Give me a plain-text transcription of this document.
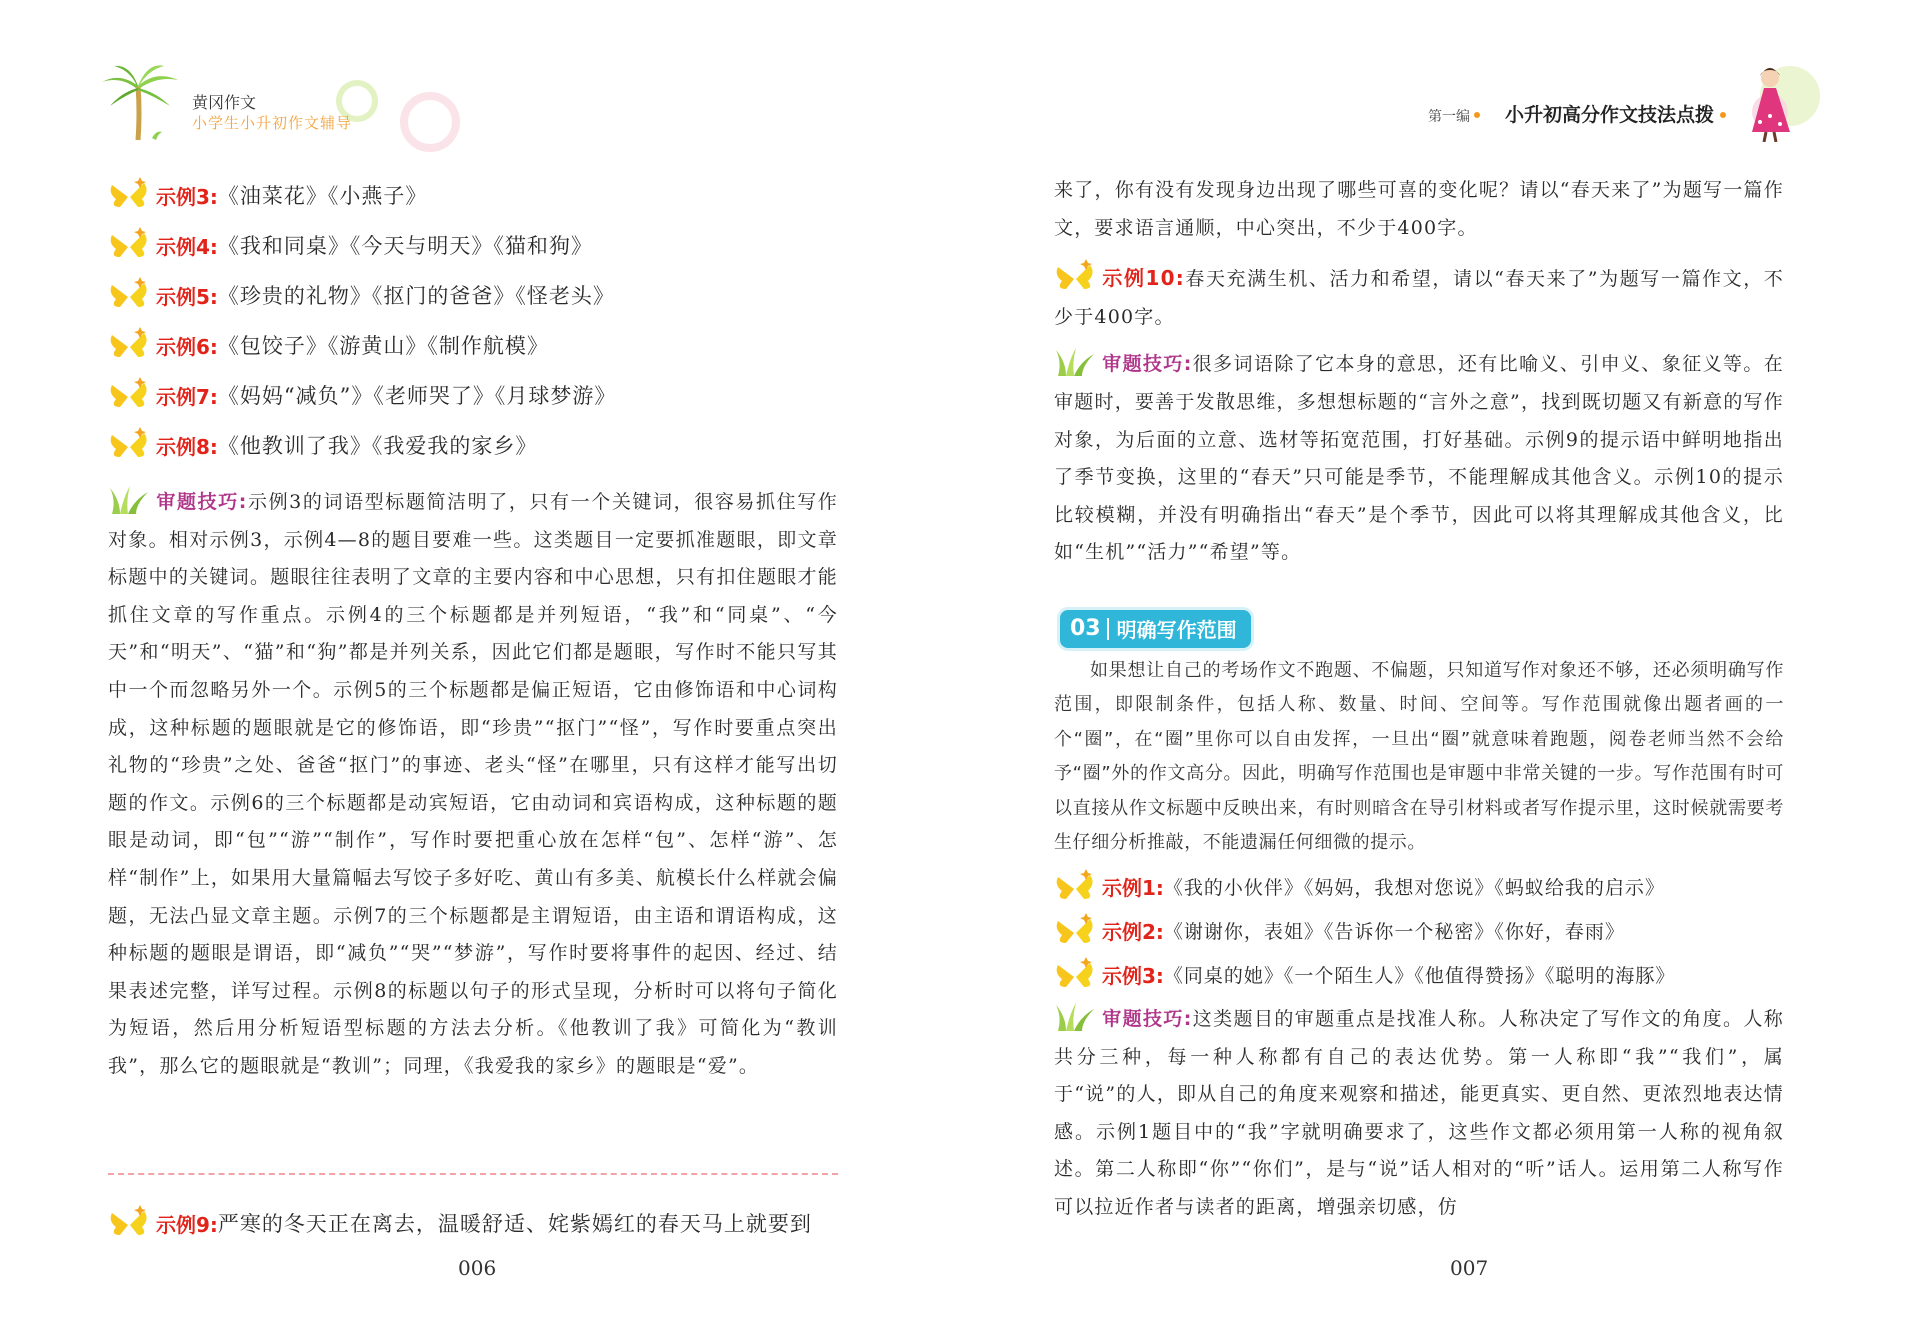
黄冈作文
小学生小升初作文辅导
示例3: 《油菜花》《小燕子》
示例4: 《我和同桌》《今天与明天》《猫和狗》
示例5: 《珍贵的礼物》《抠门的爸爸》《怪老头》
示例6: 《包饺子》《游黄山》《制作航模》
示例7: 《妈妈“减负”》《老师哭了》《月球梦游》
示例8: 《他教训了我》《我爱我的家乡》

审题技巧:示例3的词语型标题简洁明了，只有一个关键词，很容易抓住写作对象。相对示例3，示例4—8的题目要难一些。这类题目一定要抓准题眼，即文章标题中的关键词。题眼往往表明了文章的主要内容和中心思想，只有扣住题眼才能抓住文章的写作重点。示例4的三个标题都是并列短语，“我”和“同桌”、“今天”和“明天”、“猫”和“狗”都是并列关系，因此它们都是题眼，写作时不能只写其中一个而忽略另外一个。示例5的三个标题都是偏正短语，它由修饰语和中心词构成，这种标题的题眼就是它的修饰语，即“珍贵”“抠门”“怪”，写作时要重点突出礼物的“珍贵”之处、爸爸“抠门”的事迹、老头“怪”在哪里，只有这样才能写出切题的作文。示例6的三个标题都是动宾短语，它由动词和宾语构成，这种标题的题眼是动词，即“包”“游”“制作”，写作时要把重心放在怎样“包”、怎样“游”、怎样“制作”上，如果用大量篇幅去写饺子多好吃、黄山有多美、航模长什么样就会偏题，无法凸显文章主题。示例7的三个标题都是主谓短语，由主语和谓语构成，这种标题的题眼是谓语，即“减负”“哭”“梦游”，写作时要将事件的起因、经过、结果表述完整，详写过程。示例8的标题以句子的形式呈现，分析时可以将句子简化为短语，然后用分析短语型标题的方法去分析。《他教训了我》可简化为“教训我”，那么它的题眼就是“教训”；同理，《我爱我的家乡》的题眼是“爱”。

示例9: 严寒的冬天正在离去，温暖舒适、姹紫嫣红的春天马上就要到
006
第一编 小升初高分作文技法点拨

来了，你有没有发现身边出现了哪些可喜的变化呢？请以“春天来了”为题写一篇作文，要求语言通顺，中心突出，不少于400字。

示例10:春天充满生机、活力和希望，请以“春天来了”为题写一篇作文，不少于400字。

审题技巧:很多词语除了它本身的意思，还有比喻义、引申义、象征义等。在审题时，要善于发散思维，多想想标题的“言外之意”，找到既切题又有新意的写作对象，为后面的立意、选材等拓宽范围，打好基础。示例9的提示语中鲜明地指出了季节变换，这里的“春天”只可能是季节，不能理解成其他含义。示例10的提示比较模糊，并没有明确指出“春天”是个季节，因此可以将其理解成其他含义，比如“生机”“活力”“希望”等。

03 明确写作范围

如果想让自己的考场作文不跑题、不偏题，只知道写作对象还不够，还必须明确写作范围，即限制条件，包括人称、数量、时间、空间等。写作范围就像出题者画的一个“圈”，在“圈”里你可以自由发挥，一旦出“圈”就意味着跑题，阅卷老师当然不会给予“圈”外的作文高分。因此，明确写作范围也是审题中非常关键的一步。写作范围有时可以直接从作文标题中反映出来，有时则暗含在导引材料或者写作提示里，这时候就需要考生仔细分析推敲，不能遗漏任何细微的提示。

示例1: 《我的小伙伴》《妈妈，我想对您说》《蚂蚁给我的启示》
示例2: 《谢谢你，表姐》《告诉你一个秘密》《你好，春雨》
示例3: 《同桌的她》《一个陌生人》《他值得赞扬》《聪明的海豚》

审题技巧:这类题目的审题重点是找准人称。人称决定了写作文的角度。人称共分三种，每一种人称都有自己的表达优势。第一人称即“我”“我们”，属于“说”的人，即从自己的角度来观察和描述，能更真实、更自然、更浓烈地表达情感。示例1题目中的“我”字就明确要求了，这些作文都必须用第一人称的视角叙述。第二人称即“你”“你们”，是与“说”话人相对的“听”话人。运用第二人称写作可以拉近作者与读者的距离，增强亲切感，仿

007
